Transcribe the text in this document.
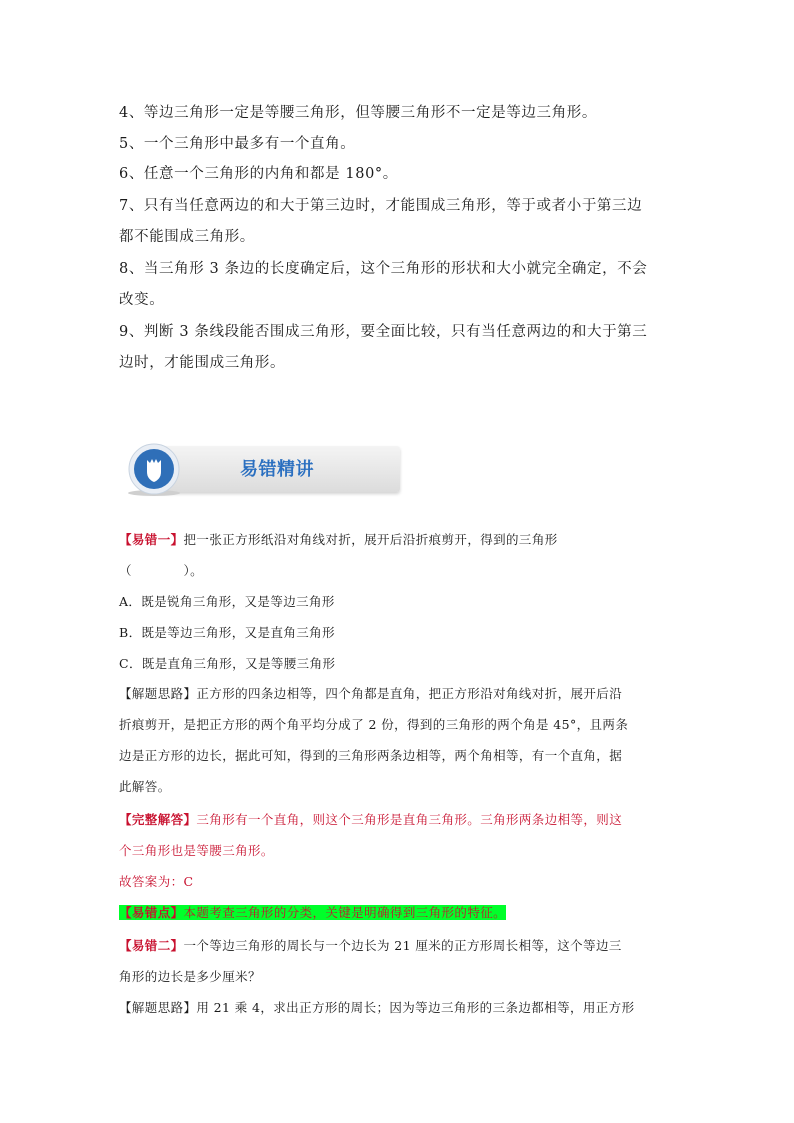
4、等边三角形一定是等腰三角形，但等腰三角形不一定是等边三角形。
5、一个三角形中最多有一个直角。
6、任意一个三角形的内角和都是 180°。
7、只有当任意两边的和大于第三边时，才能围成三角形，等于或者小于第三边
都不能围成三角形。
8、当三角形 3 条边的长度确定后，这个三角形的形状和大小就完全确定，不会
改变。
9、判断 3 条线段能否围成三角形，要全面比较，只有当任意两边的和大于第三
边时，才能围成三角形。
易错精讲
【易错一】把一张正方形纸沿对角线对折，展开后沿折痕剪开，得到的三角形
（　　　　）。
A．既是锐角三角形，又是等边三角形
B．既是等边三角形，又是直角三角形
C．既是直角三角形，又是等腰三角形
【解题思路】正方形的四条边相等，四个角都是直角，把正方形沿对角线对折，展开后沿
折痕剪开，是把正方形的两个角平均分成了 2 份，得到的三角形的两个角是 45°，且两条
边是正方形的边长，据此可知，得到的三角形两条边相等，两个角相等，有一个直角，据
此解答。
【完整解答】三角形有一个直角，则这个三角形是直角三角形。三角形两条边相等，则这
个三角形也是等腰三角形。
故答案为：C
【易错点】本题考查三角形的分类，关键是明确得到三角形的特征。
【易错二】一个等边三角形的周长与一个边长为 21 厘米的正方形周长相等，这个等边三
角形的边长是多少厘米？
【解题思路】用 21 乘 4，求出正方形的周长；因为等边三角形的三条边都相等，用正方形
